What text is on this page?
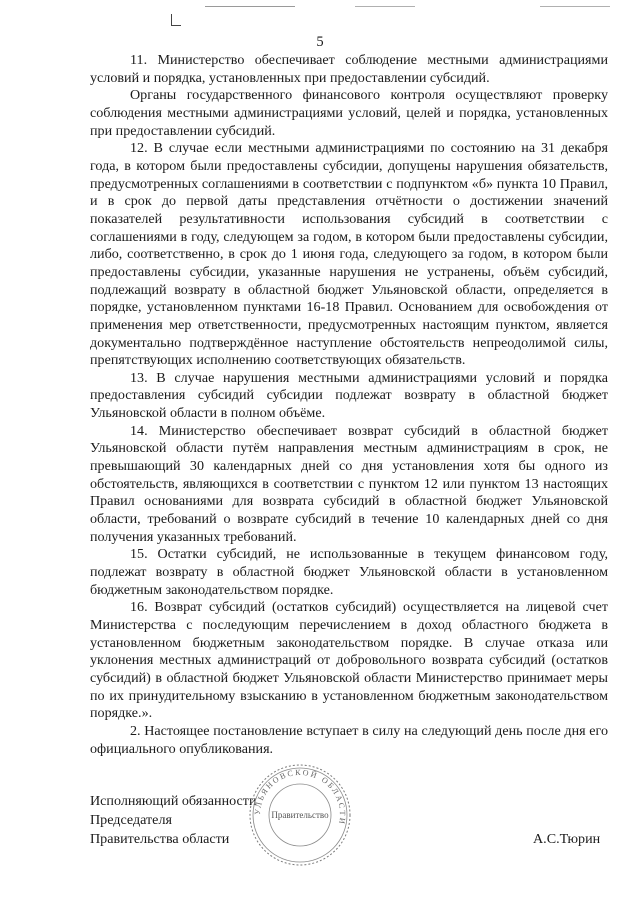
5

11. Министерство обеспечивает соблюдение местными администрациями условий и порядка, установленных при предоставлении субсидий.

Органы государственного финансового контроля осуществляют проверку соблюдения местными администрациями условий, целей и порядка, установленных при предоставлении субсидий.

12. В случае если местными администрациями по состоянию на 31 декабря года, в котором были предоставлены субсидии, допущены нарушения обязательств, предусмотренных соглашениями в соответствии с подпунктом «б» пункта 10 Правил, и в срок до первой даты представления отчётности о достижении значений показателей результативности использования субсидий в соответствии с соглашениями в году, следующем за годом, в котором были предоставлены субсидии, либо, соответственно, в срок до 1 июня года, следующего за годом, в котором были предоставлены субсидии, указанные нарушения не устранены, объём субсидий, подлежащий возврату в областной бюджет Ульяновской области, определяется в порядке, установленном пунктами 16-18 Правил. Основанием для освобождения от применения мер ответственности, предусмотренных настоящим пунктом, является документально подтверждённое наступление обстоятельств непреодолимой силы, препятствующих исполнению соответствующих обязательств.

13. В случае нарушения местными администрациями условий и порядка предоставления субсидий субсидии подлежат возврату в областной бюджет Ульяновской области в полном объёме.

14. Министерство обеспечивает возврат субсидий в областной бюджет Ульяновской области путём направления местным администрациям в срок, не превышающий 30 календарных дней со дня установления хотя бы одного из обстоятельств, являющихся в соответствии с пунктом 12 или пунктом 13 настоящих Правил основаниями для возврата субсидий в областной бюджет Ульяновской области, требований о возврате субсидий в течение 10 календарных дней со дня получения указанных требований.

15. Остатки субсидий, не использованные в текущем финансовом году, подлежат возврату в областной бюджет Ульяновской области в установленном бюджетным законодательством порядке.

16. Возврат субсидий (остатков субсидий) осуществляется на лицевой счет Министерства с последующим перечислением в доход областного бюджета в установленном бюджетным законодательством порядке. В случае отказа или уклонения местных администраций от добровольного возврата субсидий (остатков субсидий) в областной бюджет Ульяновской области Министерство принимает меры по их принудительному взысканию в установленном бюджетным законодательством порядке.».

2. Настоящее постановление вступает в силу на следующий день после дня его официального опубликования.

Исполняющий обязанности
Председателя
Правительства области	А.С.Тюрин
УЛЬЯНОВСКОЙ ОБЛАСТИ
Правительство
